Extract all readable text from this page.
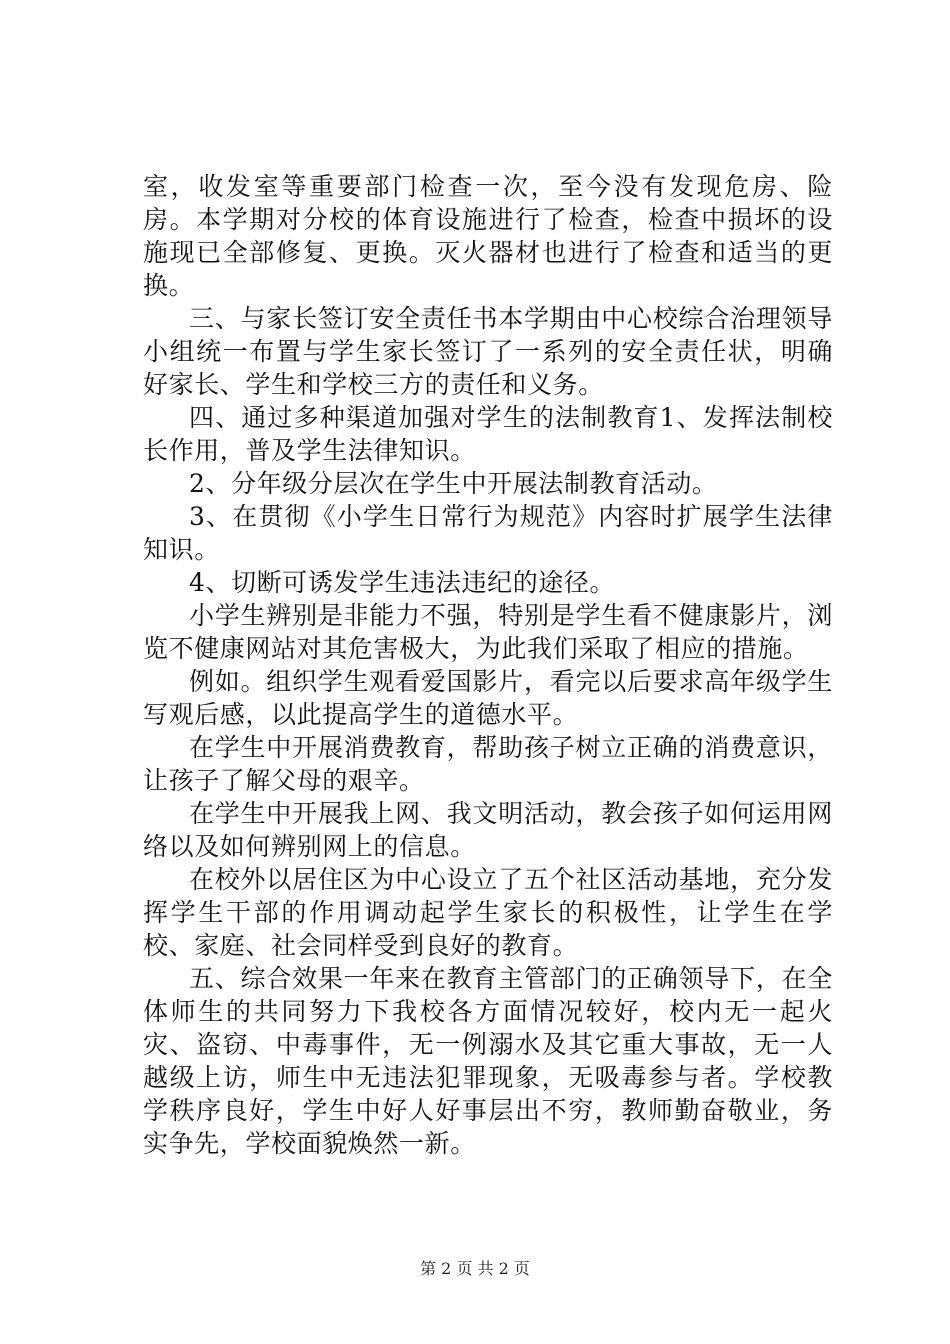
室，收发室等重要部门检查一次，至今没有发现危房、险房。本学期对分校的体育设施进行了检查，检查中损坏的设施现已全部修复、更换。灭火器材也进行了检查和适当的更换。

三、与家长签订安全责任书本学期由中心校综合治理领导小组统一布置与学生家长签订了一系列的安全责任状，明确好家长、学生和学校三方的责任和义务。

四、通过多种渠道加强对学生的法制教育1、发挥法制校长作用，普及学生法律知识。

2、分年级分层次在学生中开展法制教育活动。

3、在贯彻《小学生日常行为规范》内容时扩展学生法律知识。

4、切断可诱发学生违法违纪的途径。

小学生辨别是非能力不强，特别是学生看不健康影片，浏览不健康网站对其危害极大，为此我们采取了相应的措施。

例如。组织学生观看爱国影片，看完以后要求高年级学生写观后感，以此提高学生的道德水平。

在学生中开展消费教育，帮助孩子树立正确的消费意识，让孩子了解父母的艰辛。

在学生中开展我上网、我文明活动，教会孩子如何运用网络以及如何辨别网上的信息。

在校外以居住区为中心设立了五个社区活动基地，充分发挥学生干部的作用调动起学生家长的积极性，让学生在学校、家庭、社会同样受到良好的教育。

五、综合效果一年来在教育主管部门的正确领导下，在全体师生的共同努力下我校各方面情况较好，校内无一起火灾、盗窃、中毒事件，无一例溺水及其它重大事故，无一人越级上访，师生中无违法犯罪现象，无吸毒参与者。学校教学秩序良好，学生中好人好事层出不穷，教师勤奋敬业，务实争先，学校面貌焕然一新。

第 2 页 共 2 页
